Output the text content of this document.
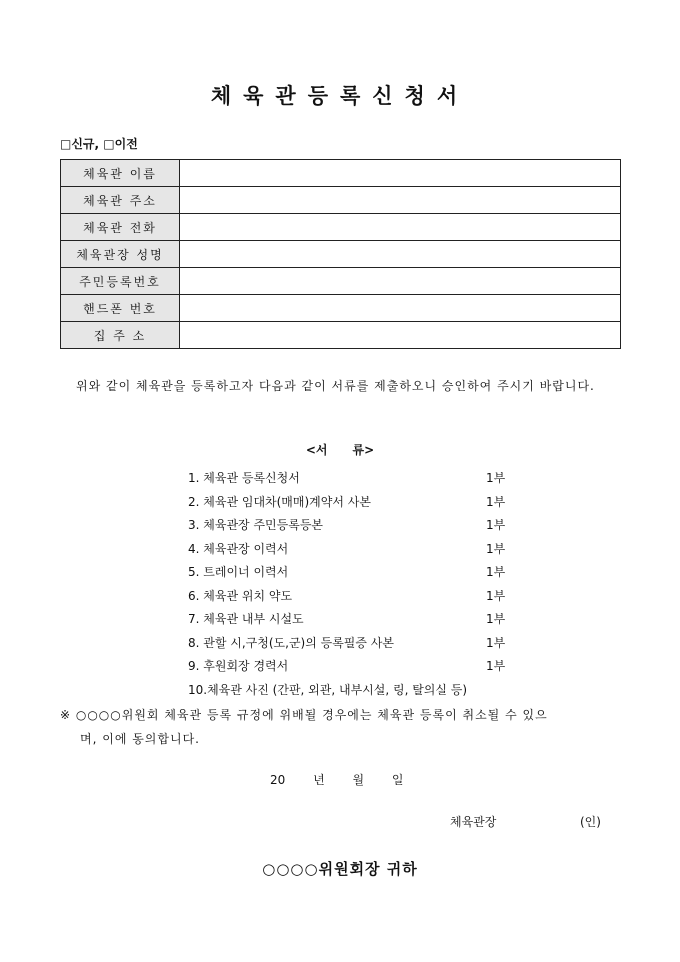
체육관등록신청서
□신규, □이전
체육관 이름	
체육관 주소	
체육관 전화	
체육관장 성명	
주민등록번호	
핸드폰 번호	
집 주 소	
위와 같이 체육관을 등록하고자 다음과 같이 서류를 제출하오니 승인하여 주시기 바랍니다.
<서      류>
1. 체육관 등록신청서	1부
2. 체육관 임대차(매매)계약서 사본	1부
3. 체육관장 주민등록등본	1부
4. 체육관장 이력서	1부
5. 트레이너 이력서	1부
6. 체육관 위치 약도	1부
7. 체육관 내부 시설도	1부
8. 관할 시,구청(도,군)의 등록필증 사본	1부
9. 후원회장 경력서	1부
10.체육관 사진 (간판, 외관, 내부시설, 링, 탈의실 등)
※ ○○○○위원회 체육관 등록 규정에 위배될 경우에는 체육관 등록이 취소될 수 있으
며, 이에 동의합니다.
20 년 월 일
체육관장	(인)
○○○○위원회장 귀하
